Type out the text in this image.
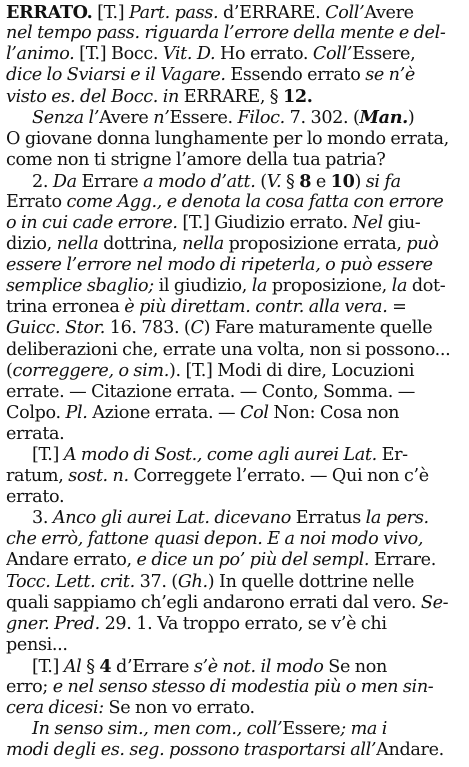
ERRATO. [T.] Part. pass. d’ERRARE. Coll’Avere
nel tempo pass. riguarda l’errore della mente e del-
l’animo. [T.] Bocc. Vit. D. Ho errato. Coll’Essere,
dice lo Sviarsi e il Vagare. Essendo errato se n’è
visto es. del Bocc. in ERRARE, § 12.
Senza l’Avere n’Essere. Filoc. 7. 302. (Man.)
O giovane donna lunghamente per lo mondo errata,
come non ti strigne l’amore della tua patria?
2. Da Errare a modo d’att. (V. § 8 e 10) si fa
Errato come Agg., e denota la cosa fatta con errore
o in cui cade errore. [T.] Giudizio errato. Nel giu-
dizio, nella dottrina, nella proposizione errata, può
essere l’errore nel modo di ripeterla, o può essere
semplice sbaglio; il giudizio, la proposizione, la dot-
trina erronea è più direttam. contr. alla vera. =
Guicc. Stor. 16. 783. (C) Fare maturamente quelle
deliberazioni che, errate una volta, non si possono...
(correggere, o sim.). [T.] Modi di dire, Locuzioni
errate. — Citazione errata. — Conto, Somma. —
Colpo. Pl. Azione errata. — Col Non: Cosa non
errata.
[T.] A modo di Sost., come agli aurei Lat. Er-
ratum, sost. n. Correggete l’errato. — Qui non c’è
errato.
3. Anco gli aurei Lat. dicevano Erratus la pers.
che errò, fattone quasi depon. E a noi modo vivo,
Andare errato, e dice un po’ più del sempl. Errare.
Tocc. Lett. crit. 37. (Gh.) In quelle dottrine nelle
quali sappiamo ch’egli andarono errati dal vero. Se-
gner. Pred. 29. 1. Va troppo errato, se v’è chi
pensi...
[T.] Al § 4 d’Errare s’è not. il modo Se non
erro; e nel senso stesso di modestia più o men sin-
cera dicesi: Se non vo errato.
In senso sim., men com., coll’Essere; ma i
modi degli es. seg. possono trasportarsi all’Andare.
